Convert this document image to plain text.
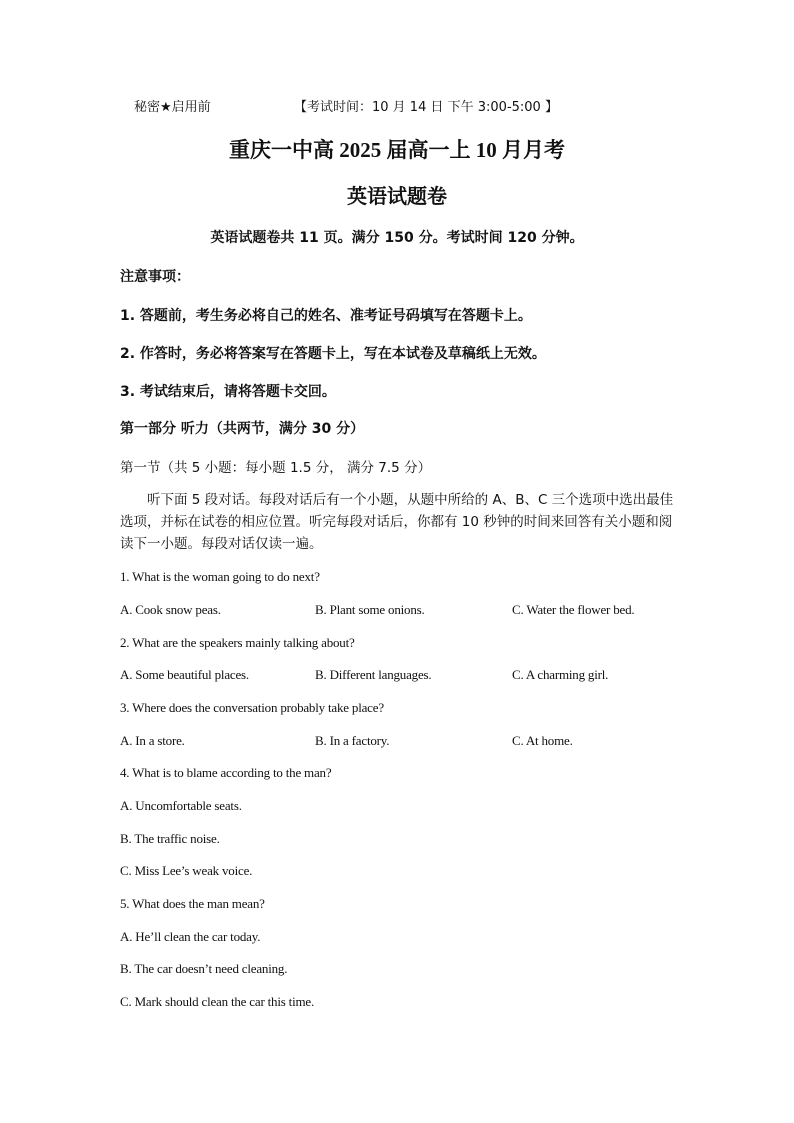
秘密★启用前	【考试时间：10 月 14 日 下午 3:00-5:00 】
重庆一中高 2025 届高一上 10 月月考
英语试题卷
英语试题卷共 11 页。满分 150 分。考试时间 120 分钟。
注意事项：
1. 答题前，考生务必将自己的姓名、准考证号码填写在答题卡上。
2. 作答时，务必将答案写在答题卡上，写在本试卷及草稿纸上无效。
3. 考试结束后，请将答题卡交回。
第一部分 听力（共两节，满分 30 分）
第一节（共 5 小题：每小题 1.5 分， 满分 7.5 分）
听下面 5 段对话。每段对话后有一个小题，从题中所给的 A、B、C 三个选项中选出最佳选项，并标在试卷的相应位置。听完每段对话后，你都有 10 秒钟的时间来回答有关小题和阅读下一小题。每段对话仅读一遍。
1. What is the woman going to do next?
A. Cook snow peas.	B. Plant some onions.	C. Water the flower bed.
2. What are the speakers mainly talking about?
A. Some beautiful places.	B. Different languages.	C. A charming girl.
3. Where does the conversation probably take place?
A. In a store.	B. In a factory.	C. At home.
4. What is to blame according to the man?
A. Uncomfortable seats.
B. The traffic noise.
C. Miss Lee’s weak voice.
5. What does the man mean?
A. He’ll clean the car today.
B. The car doesn’t need cleaning.
C. Mark should clean the car this time.
